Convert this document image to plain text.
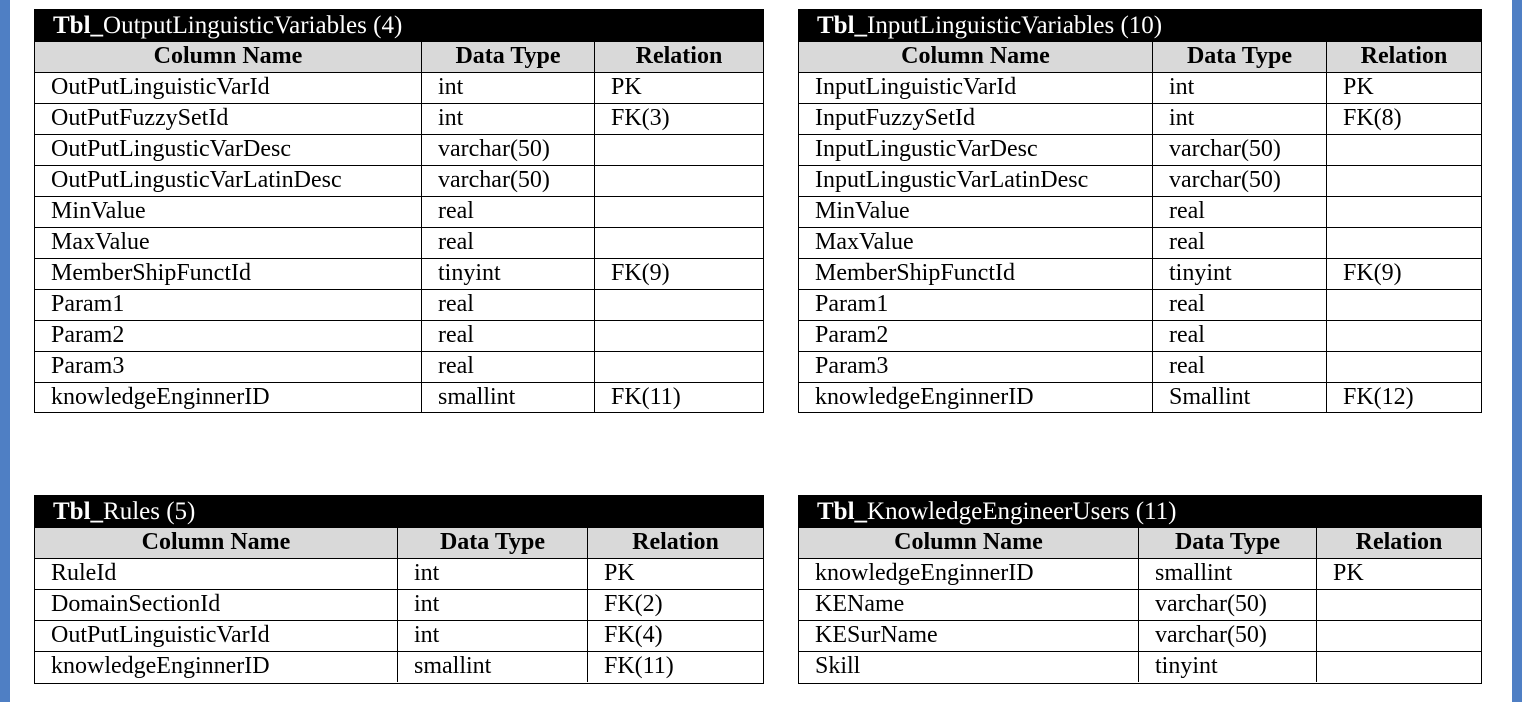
Tbl_OutputLinguisticVariables (4)
Column Name	Data Type	Relation
OutPutLinguisticVarId	int	PK
OutPutFuzzySetId	int	FK(3)
OutPutLingusticVarDesc	varchar(50)
OutPutLingusticVarLatinDesc	varchar(50)
MinValue	real
MaxValue	real
MemberShipFunctId	tinyint	FK(9)
Param1	real
Param2	real
Param3	real
knowledgeEnginnerID	smallint	FK(11)
Tbl_InputLinguisticVariables (10)
Column Name	Data Type	Relation
InputLinguisticVarId	int	PK
InputFuzzySetId	int	FK(8)
InputLingusticVarDesc	varchar(50)
InputLingusticVarLatinDesc	varchar(50)
MinValue	real
MaxValue	real
MemberShipFunctId	tinyint	FK(9)
Param1	real
Param2	real
Param3	real
knowledgeEnginnerID	Smallint	FK(12)
Tbl_Rules (5)
Column Name	Data Type	Relation
RuleId	int	PK
DomainSectionId	int	FK(2)
OutPutLinguisticVarId	int	FK(4)
knowledgeEnginnerID	smallint	FK(11)
Tbl_KnowledgeEngineerUsers (11)
Column Name	Data Type	Relation
knowledgeEnginnerID	smallint	PK
KEName	varchar(50)
KESurName	varchar(50)
Skill	tinyint
